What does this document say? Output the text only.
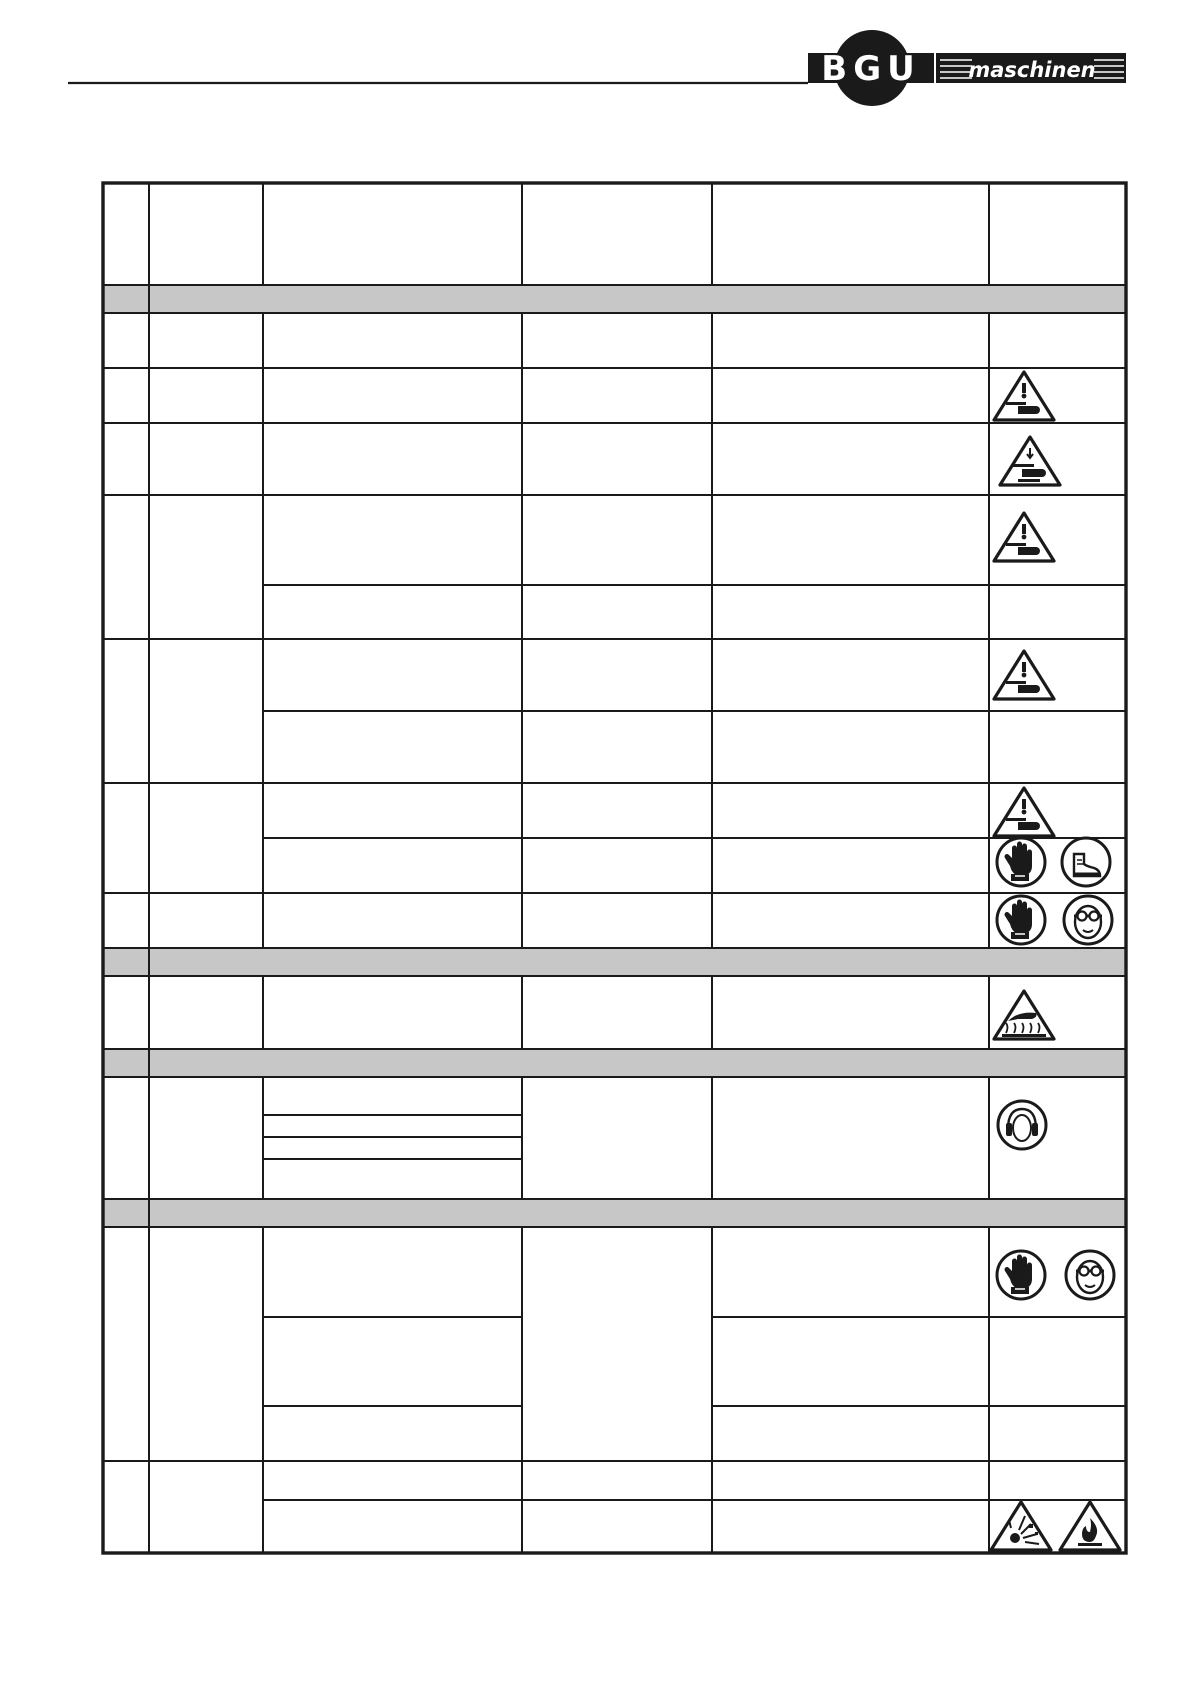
BGU maschinen
